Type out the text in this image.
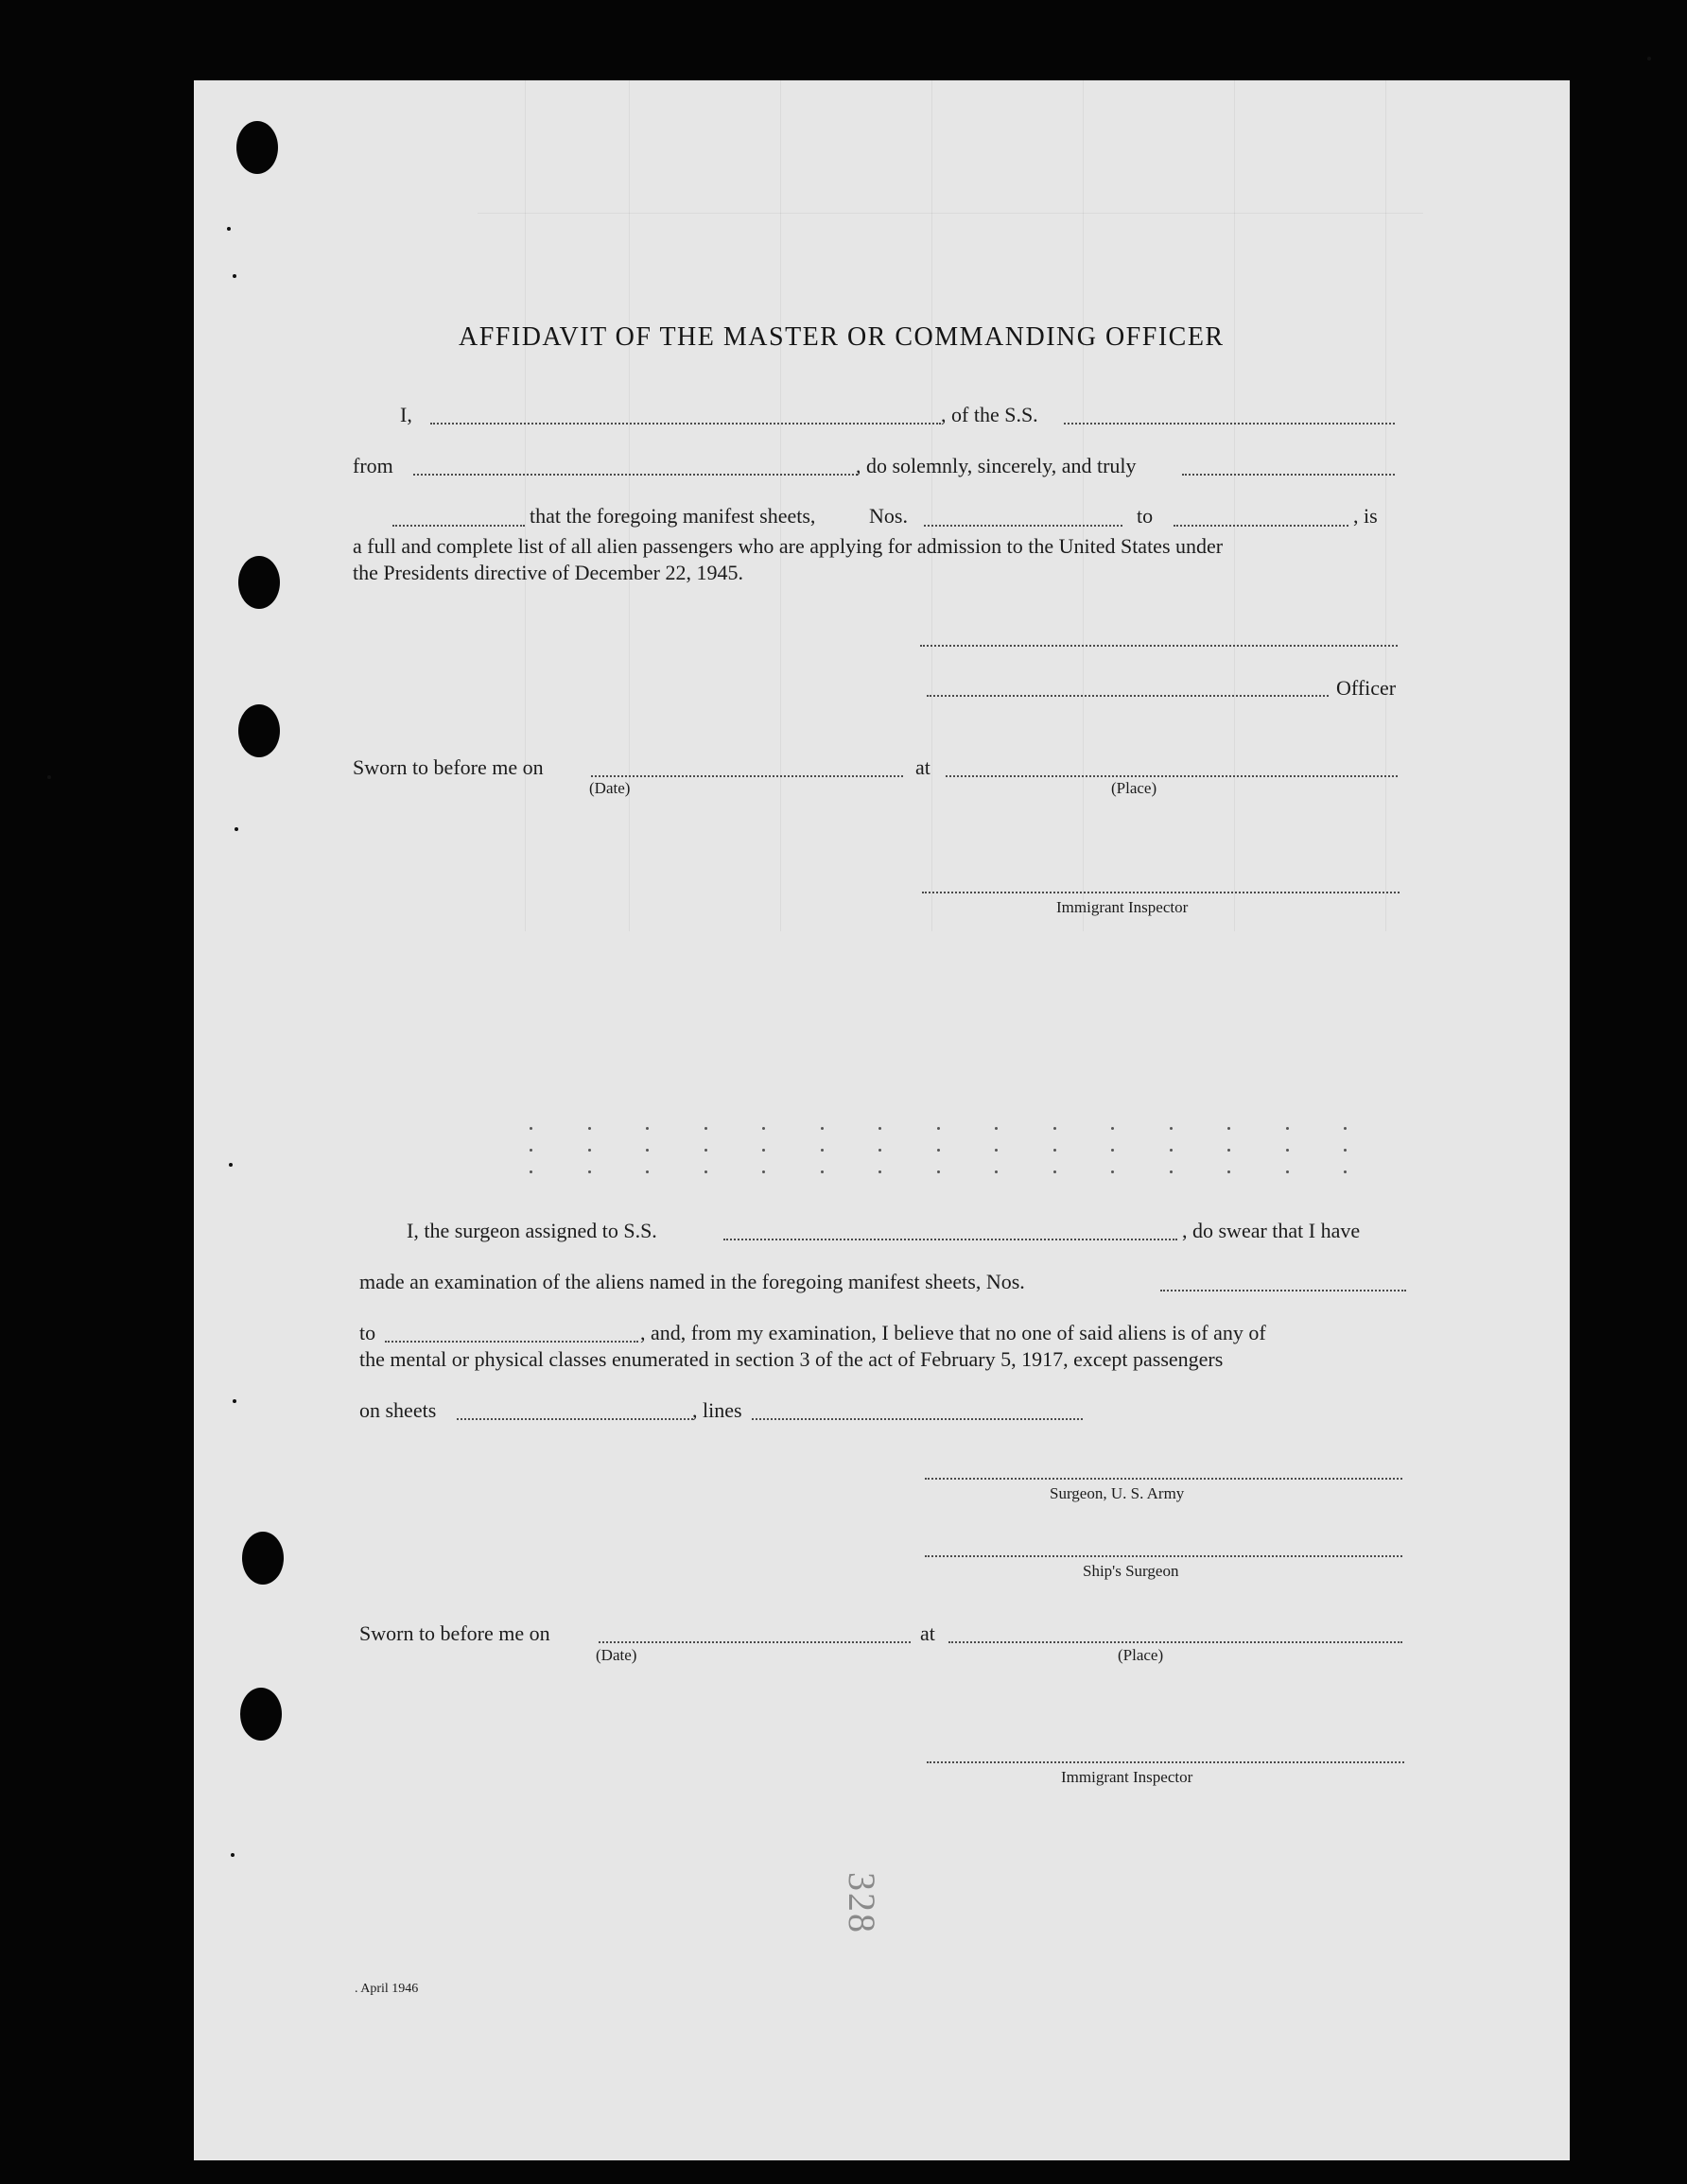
AFFIDAVIT OF THE MASTER OR COMMANDING OFFICER
I,	, of the S.S.
from	, do solemnly, sincerely, and truly
that the foregoing manifest sheets,	Nos.	to	, is
a full and complete list of all alien passengers who are applying for admission to the United States under
the Presidents directive of December 22, 1945.
Officer
Sworn to before me on	at
(Date)	(Place)
Immigrant Inspector
I, the surgeon assigned to S.S.	, do swear that I have
made an examination of the aliens named in the foregoing manifest sheets, Nos.
to	, and, from my examination, I believe that no one of said aliens is of any of
the mental or physical classes enumerated in section 3 of the act of February 5, 1917, except passengers
on sheets	, lines
Surgeon, U. S. Army
Ship's Surgeon
Sworn to before me on	at
(Date)	(Place)
Immigrant Inspector
328
. April 1946
